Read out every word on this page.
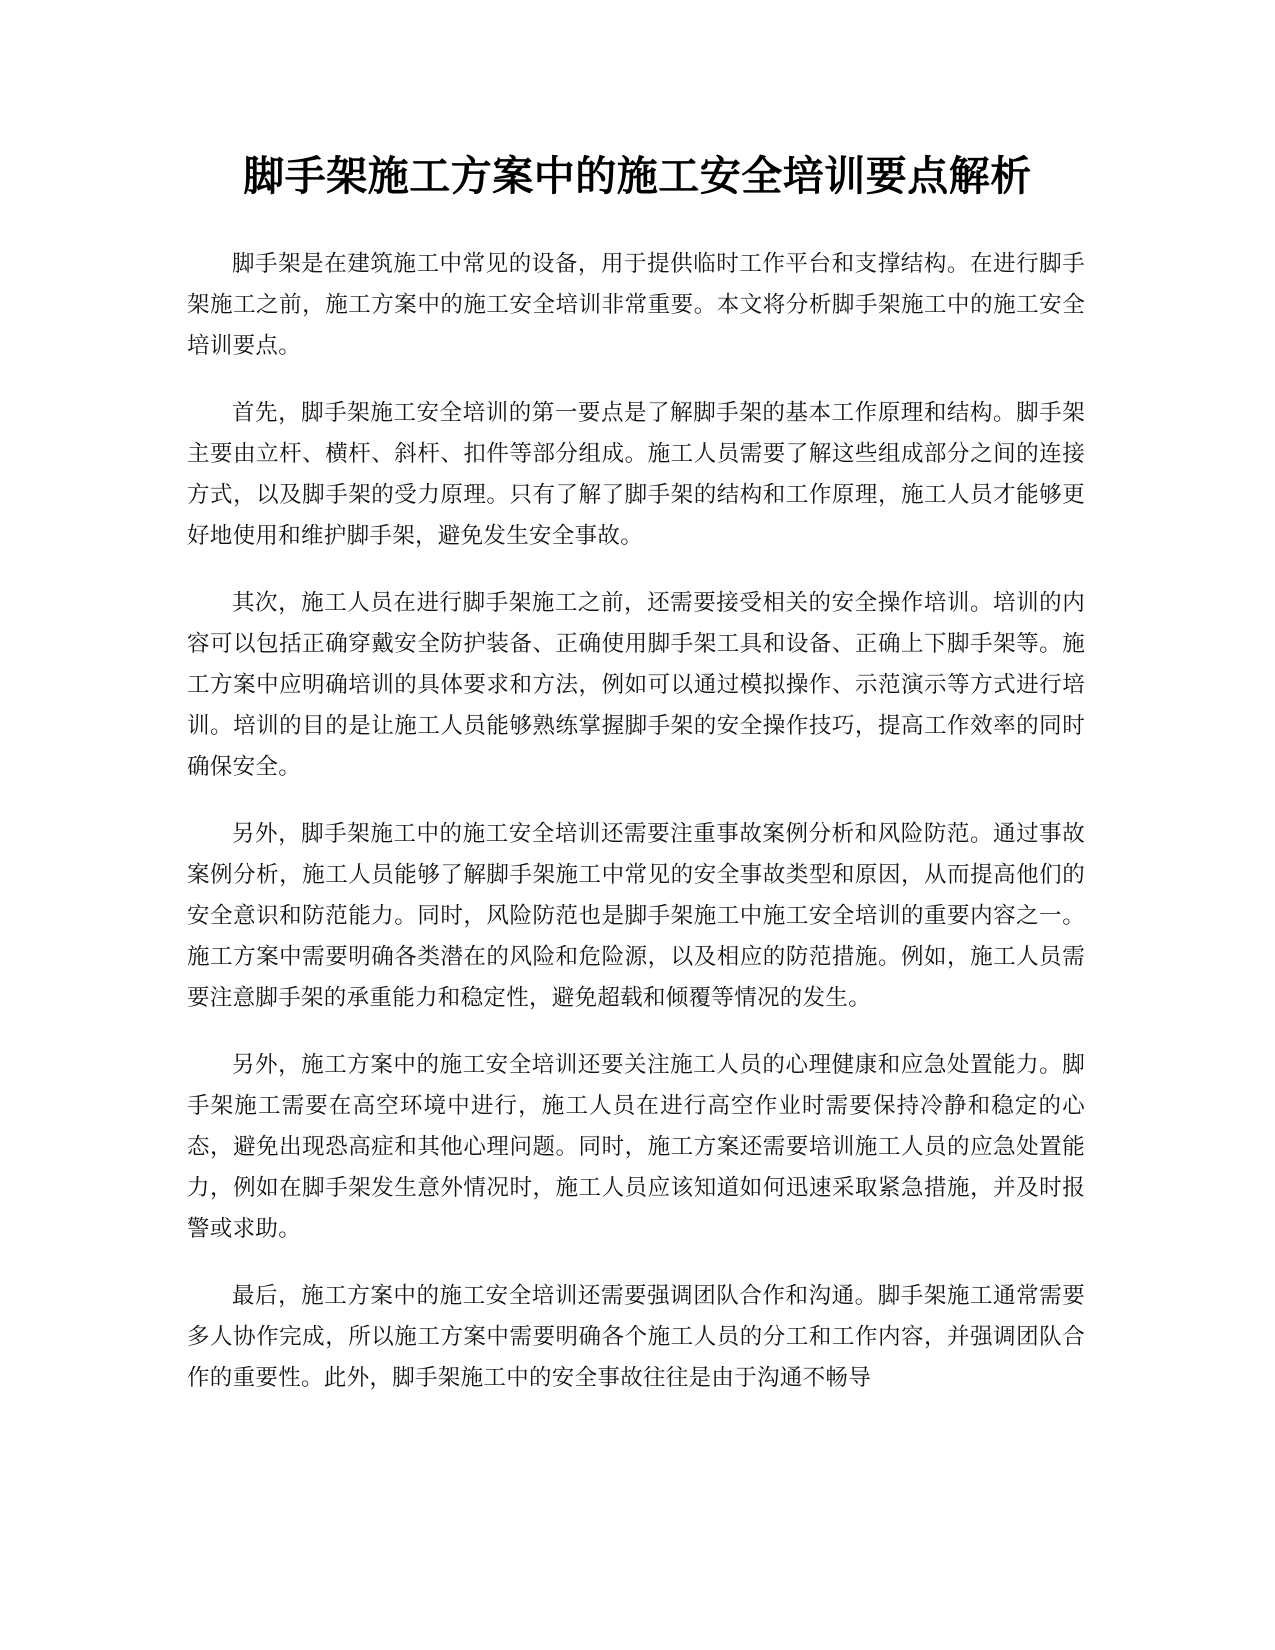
脚手架施工方案中的施工安全培训要点解析

脚手架是在建筑施工中常见的设备，用于提供临时工作平台和支撑结构。在进行脚手架施工之前，施工方案中的施工安全培训非常重要。本文将分析脚手架施工中的施工安全培训要点。

首先，脚手架施工安全培训的第一要点是了解脚手架的基本工作原理和结构。脚手架主要由立杆、横杆、斜杆、扣件等部分组成。施工人员需要了解这些组成部分之间的连接方式，以及脚手架的受力原理。只有了解了脚手架的结构和工作原理，施工人员才能够更好地使用和维护脚手架，避免发生安全事故。

其次，施工人员在进行脚手架施工之前，还需要接受相关的安全操作培训。培训的内容可以包括正确穿戴安全防护装备、正确使用脚手架工具和设备、正确上下脚手架等。施工方案中应明确培训的具体要求和方法，例如可以通过模拟操作、示范演示等方式进行培训。培训的目的是让施工人员能够熟练掌握脚手架的安全操作技巧，提高工作效率的同时确保安全。

另外，脚手架施工中的施工安全培训还需要注重事故案例分析和风险防范。通过事故案例分析，施工人员能够了解脚手架施工中常见的安全事故类型和原因，从而提高他们的安全意识和防范能力。同时，风险防范也是脚手架施工中施工安全培训的重要内容之一。施工方案中需要明确各类潜在的风险和危险源，以及相应的防范措施。例如，施工人员需要注意脚手架的承重能力和稳定性，避免超载和倾覆等情况的发生。

另外，施工方案中的施工安全培训还要关注施工人员的心理健康和应急处置能力。脚手架施工需要在高空环境中进行，施工人员在进行高空作业时需要保持冷静和稳定的心态，避免出现恐高症和其他心理问题。同时，施工方案还需要培训施工人员的应急处置能力，例如在脚手架发生意外情况时，施工人员应该知道如何迅速采取紧急措施，并及时报警或求助。

最后，施工方案中的施工安全培训还需要强调团队合作和沟通。脚手架施工通常需要多人协作完成，所以施工方案中需要明确各个施工人员的分工和工作内容，并强调团队合作的重要性。此外，脚手架施工中的安全事故往往是由于沟通不畅导
